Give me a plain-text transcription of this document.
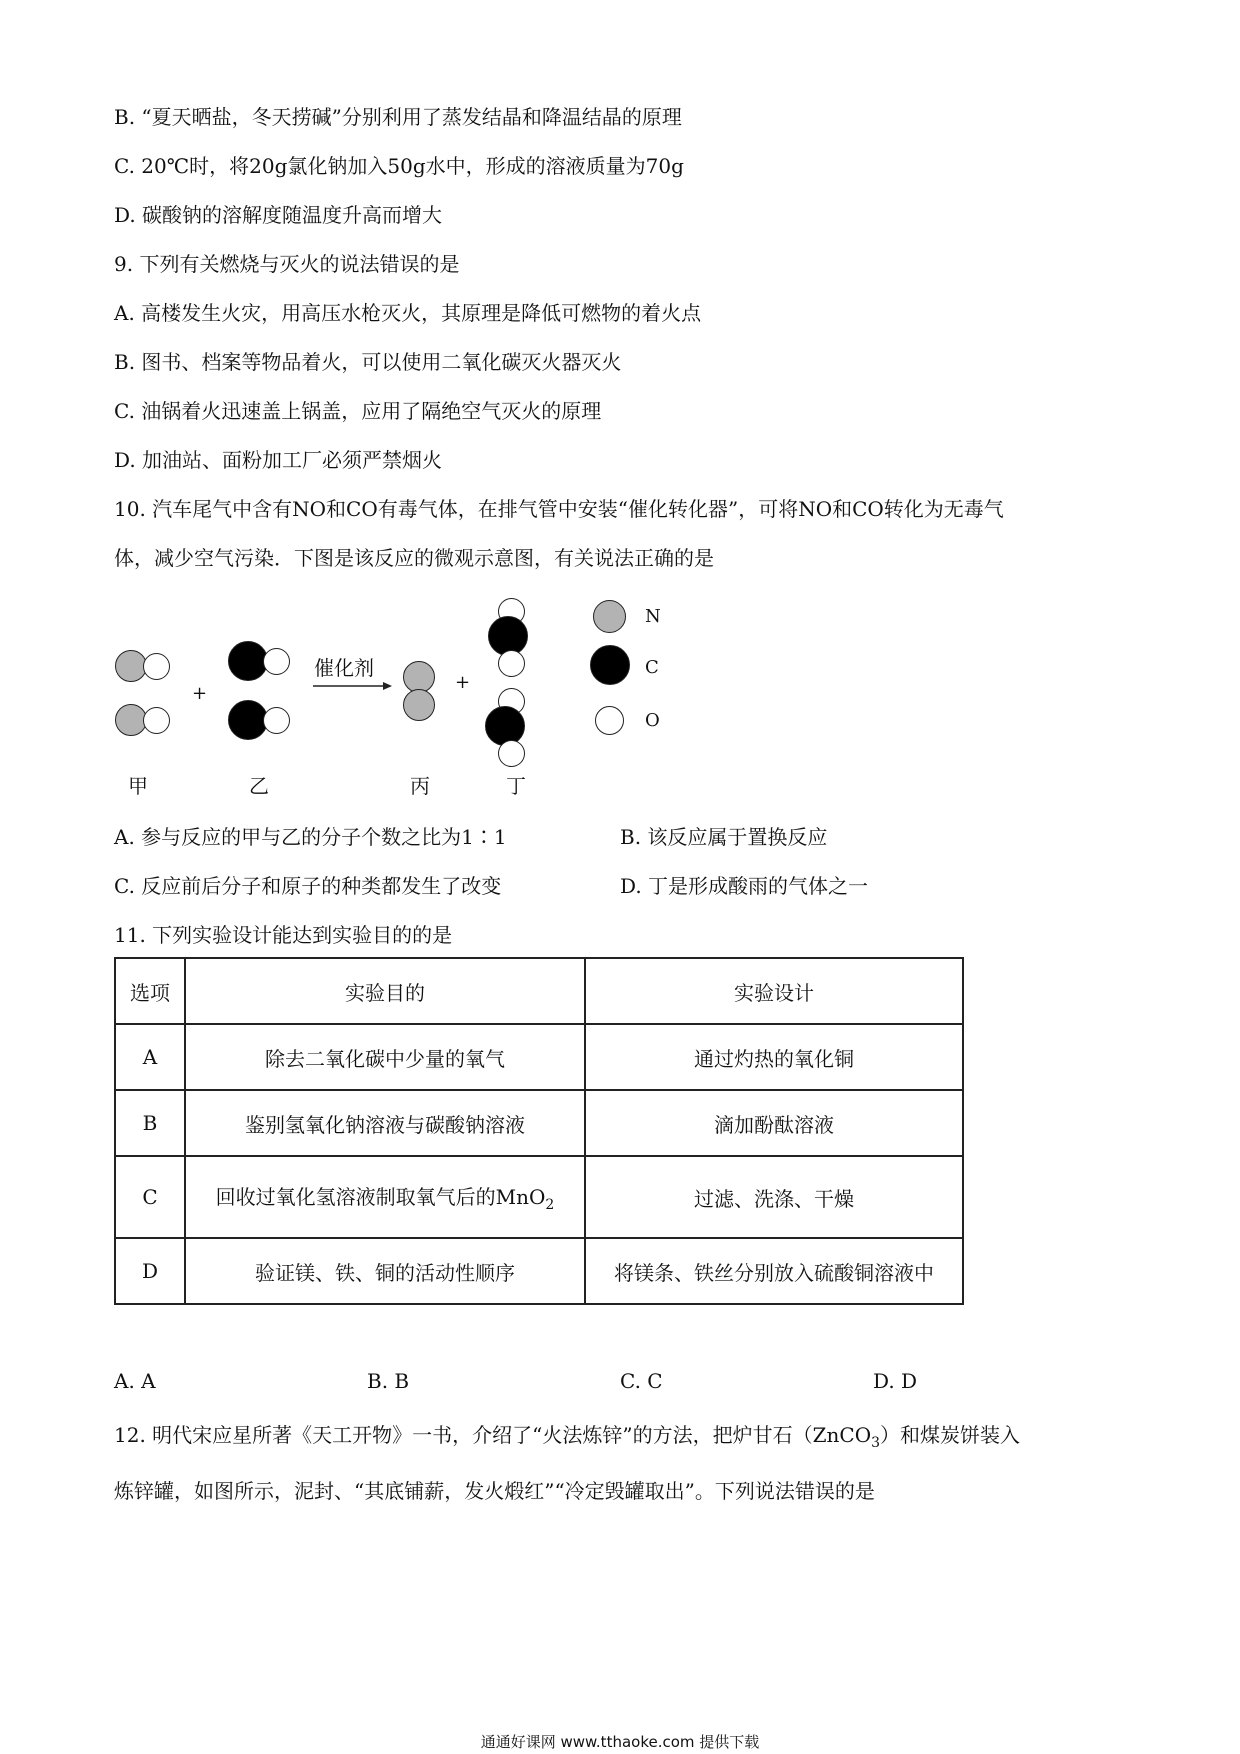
B. “夏天晒盐，冬天捞碱”分别利用了蒸发结晶和降温结晶的原理
C. 20℃时，将20g氯化钠加入50g水中，形成的溶液质量为70g
D. 碳酸钠的溶解度随温度升高而增大
9. 下列有关燃烧与灭火的说法错误的是
A. 高楼发生火灾，用高压水枪灭火，其原理是降低可燃物的着火点
B. 图书、档案等物品着火，可以使用二氧化碳灭火器灭火
C. 油锅着火迅速盖上锅盖，应用了隔绝空气灭火的原理
D. 加油站、面粉加工厂必须严禁烟火
10. 汽车尾气中含有NO和CO有毒气体，在排气管中安装“催化转化器”，可将NO和CO转化为无毒气
体，减少空气污染．下图是该反应的微观示意图，有关说法正确的是
+
催化剂
+
N
C
O
甲	乙	丙	丁
A. 参与反应的甲与乙的分子个数之比为1∶1	B. 该反应属于置换反应
C. 反应前后分子和原子的种类都发生了改变	D. 丁是形成酸雨的气体之一
11. 下列实验设计能达到实验目的的是
选项	实验目的	实验设计
A	除去二氧化碳中少量的氧气	通过灼热的氧化铜
B	鉴别氢氧化钠溶液与碳酸钠溶液	滴加酚酞溶液
C	回收过氧化氢溶液制取氧气后的MnO$_2$	过滤、洗涤、干燥
D	验证镁、铁、铜的活动性顺序	将镁条、铁丝分别放入硫酸铜溶液中
A. A	B. B	C. C	D. D
12. 明代宋应星所著《天工开物》一书，介绍了“火法炼锌”的方法，把炉甘石（ZnCO$_3$）和煤炭饼装入
炼锌罐，如图所示，泥封、“其底铺薪，发火煅红”“冷定毁罐取出”。下列说法错误的是
通通好课网 www.tthaoke.com 提供下载
